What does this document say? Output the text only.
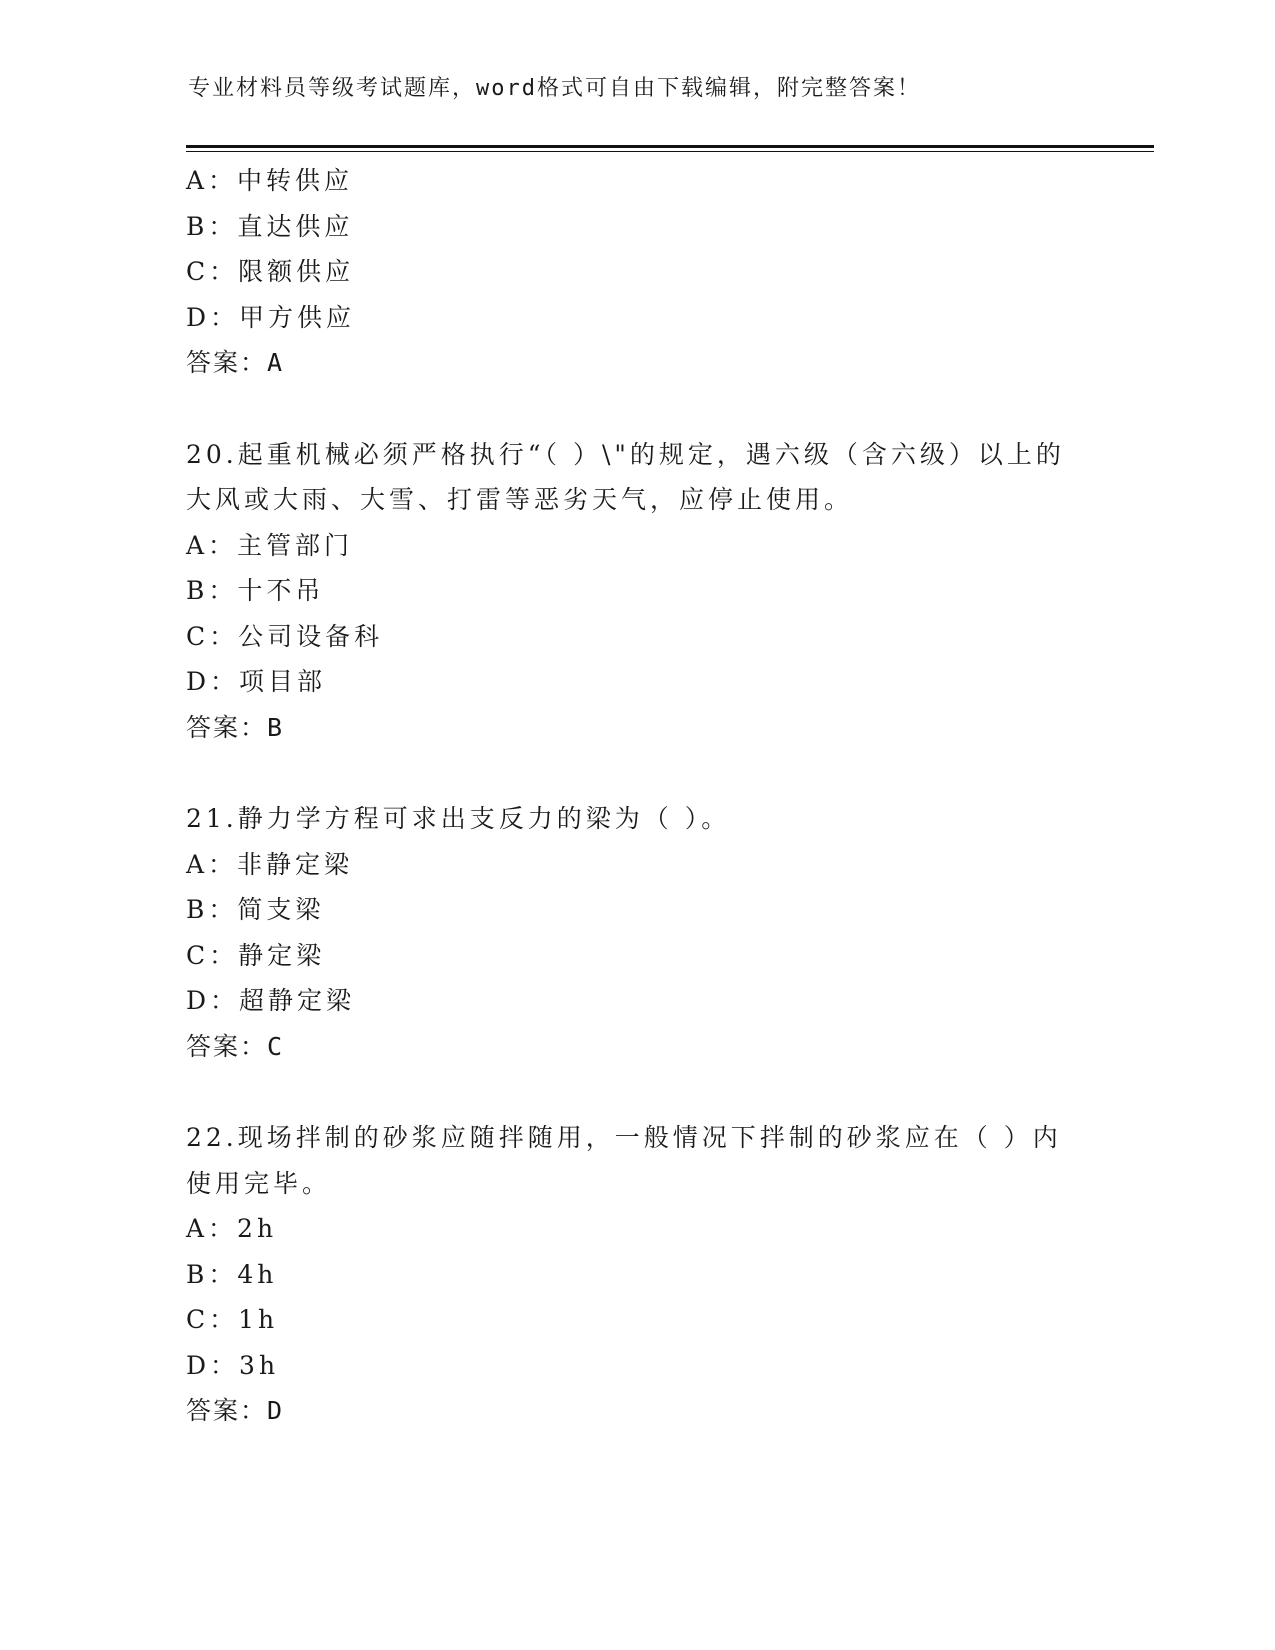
专业材料员等级考试题库，word格式可自由下载编辑，附完整答案！
A：中转供应
B：直达供应
C：限额供应
D：甲方供应
答案：A
20.起重机械必须严格执行“（ ）\"的规定，遇六级（含六级）以上的大风或大雨、大雪、打雷等恶劣天气，应停止使用。
A：主管部门
B：十不吊
C：公司设备科
D：项目部
答案：B
21.静力学方程可求出支反力的梁为（ ）。
A：非静定梁
B：简支梁
C：静定梁
D：超静定梁
答案：C
22.现场拌制的砂浆应随拌随用，一般情况下拌制的砂浆应在（ ）内使用完毕。
A：2h
B：4h
C：1h
D：3h
答案：D
